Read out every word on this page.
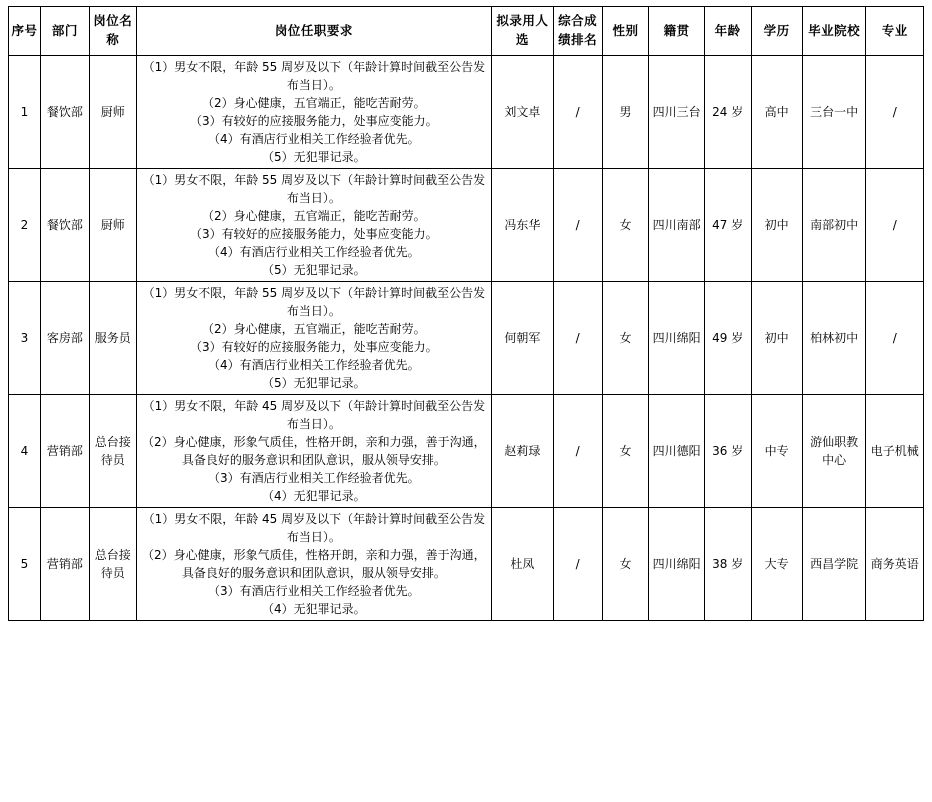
序号	部门	岗位名称	岗位任职要求	拟录用人选	综合成绩排名	性别	籍贯	年龄	学历	毕业院校	专业
1	餐饮部	厨师	（1）男女不限，年龄 55 周岁及以下（年龄计算时间截至公告发布当日）。
（2）身心健康，五官端正，能吃苦耐劳。
（3）有较好的应接服务能力，处事应变能力。
（4）有酒店行业相关工作经验者优先。
（5）无犯罪记录。	刘文卓	/	男	四川三台	24 岁	高中	三台一中	/
2	餐饮部	厨师	（1）男女不限，年龄 55 周岁及以下（年龄计算时间截至公告发布当日）。
（2）身心健康，五官端正，能吃苦耐劳。
（3）有较好的应接服务能力，处事应变能力。
（4）有酒店行业相关工作经验者优先。
（5）无犯罪记录。	冯东华	/	女	四川南部	47 岁	初中	南部初中	/
3	客房部	服务员	（1）男女不限，年龄 55 周岁及以下（年龄计算时间截至公告发布当日）。
（2）身心健康，五官端正，能吃苦耐劳。
（3）有较好的应接服务能力，处事应变能力。
（4）有酒店行业相关工作经验者优先。
（5）无犯罪记录。	何朝军	/	女	四川绵阳	49 岁	初中	柏林初中	/
4	营销部	总台接待员	（1）男女不限，年龄 45 周岁及以下（年龄计算时间截至公告发布当日）。
（2）身心健康，形象气质佳，性格开朗，亲和力强，善于沟通，具备良好的服务意识和团队意识，服从领导安排。
（3）有酒店行业相关工作经验者优先。
（4）无犯罪记录。	赵莉琭	/	女	四川德阳	36 岁	中专	游仙职教中心	电子机械
5	营销部	总台接待员	（1）男女不限，年龄 45 周岁及以下（年龄计算时间截至公告发布当日）。
（2）身心健康，形象气质佳，性格开朗，亲和力强，善于沟通，具备良好的服务意识和团队意识，服从领导安排。
（3）有酒店行业相关工作经验者优先。
（4）无犯罪记录。	杜凤	/	女	四川绵阳	38 岁	大专	西昌学院	商务英语
